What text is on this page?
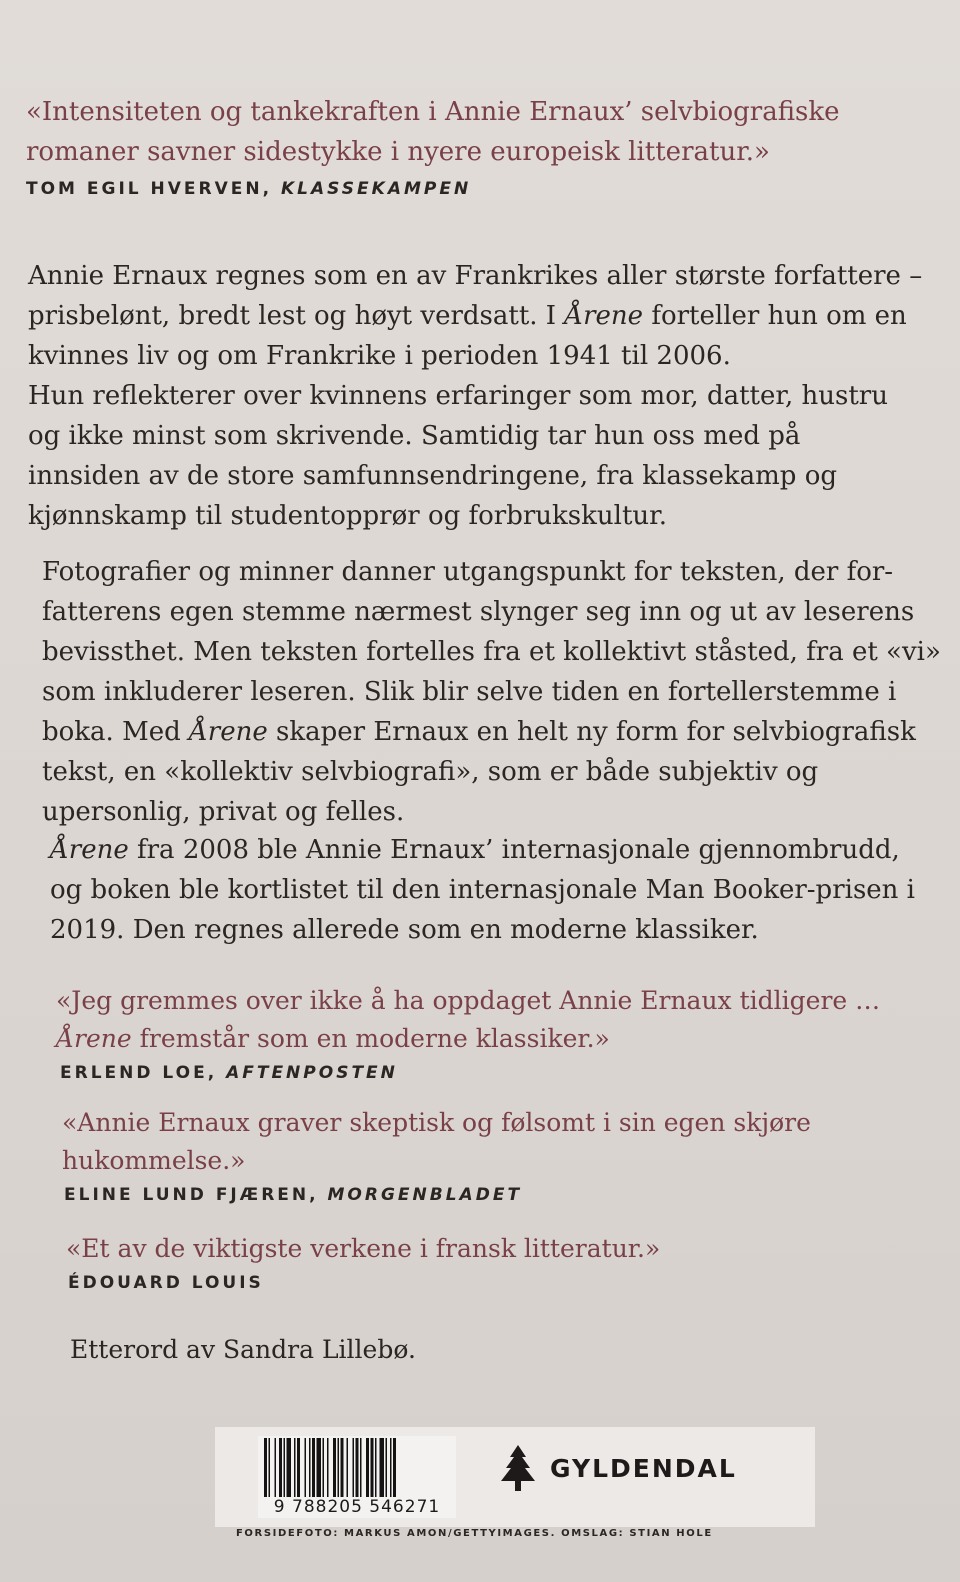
«Intensiteten og tankekraften i Annie Ernaux’ selvbiografiske
romaner savner sidestykke i nyere europeisk litteratur.»
TOM EGIL HVERVEN, KLASSEKAMPEN
Annie Ernaux regnes som en av Frankrikes aller største forfattere –
prisbelønt, bredt lest og høyt verdsatt. I Årene forteller hun om en
kvinnes liv og om Frankrike i perioden 1941 til 2006.
Hun reflekterer over kvinnens erfaringer som mor, datter, hustru
og ikke minst som skrivende. Samtidig tar hun oss med på
innsiden av de store samfunnsendringene, fra klassekamp og
kjønnskamp til studentopprør og forbrukskultur.
Fotografier og minner danner utgangspunkt for teksten, der for-
fatterens egen stemme nærmest slynger seg inn og ut av leserens
bevissthet. Men teksten fortelles fra et kollektivt ståsted, fra et «vi»
som inkluderer leseren. Slik blir selve tiden en fortellerstemme i
boka. Med Årene skaper Ernaux en helt ny form for selvbiografisk
tekst, en «kollektiv selvbiografi», som er både subjektiv og
upersonlig, privat og felles.
Årene fra 2008 ble Annie Ernaux’ internasjonale gjennombrudd,
og boken ble kortlistet til den internasjonale Man Booker-prisen i
2019. Den regnes allerede som en moderne klassiker.
«Jeg gremmes over ikke å ha oppdaget Annie Ernaux tidligere …
Årene fremstår som en moderne klassiker.»
ERLEND LOE, AFTENPOSTEN
«Annie Ernaux graver skeptisk og følsomt i sin egen skjøre
hukommelse.»
ELINE LUND FJÆREN, MORGENBLADET
«Et av de viktigste verkene i fransk litteratur.»
ÉDOUARD LOUIS
Etterord av Sandra Lillebø.
9 788205 546271
GYLDENDAL
FORSIDEFOTO: MARKUS AMON/GETTYIMAGES. OMSLAG: STIAN HOLE
